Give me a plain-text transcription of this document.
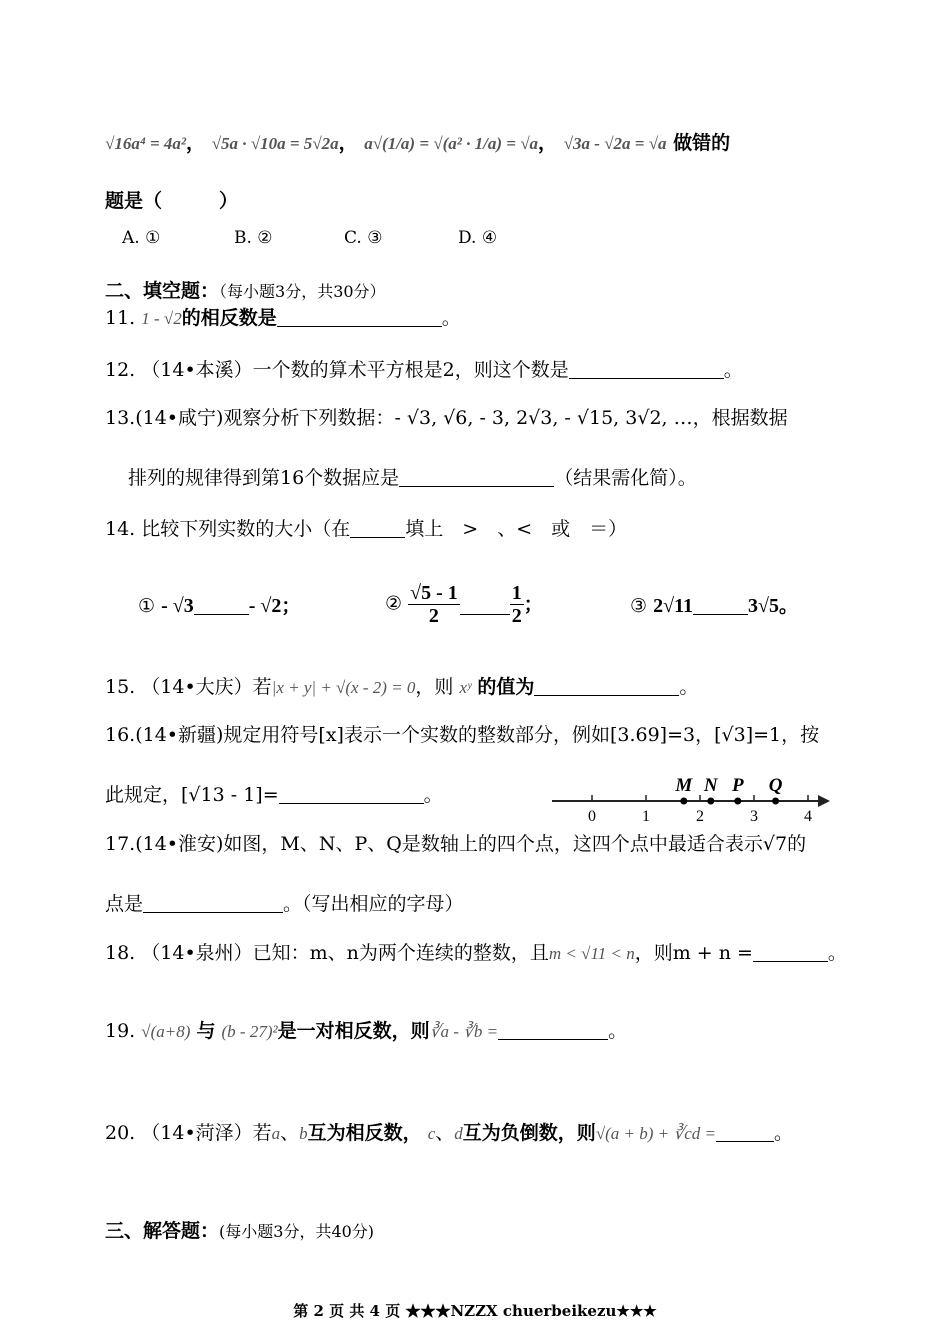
√16a⁴ = 4a²， √5a · √10a = 5√2a， a√(1/a) = √(a² · 1/a) = √a， √3a - √2a = √a 做错的
题是（　　　）
A. ①	B. ②	C. ③	D. ④
二、填空题：（每小题3分，共30分）
11. 1 - √2的相反数是	。
12. （14•本溪）一个数的算术平方根是2，则这个数是	。
13.(14•咸宁)观察分析下列数据：- √3, √6, - 3, 2√3, - √15, 3√2, …，根据数据
排列的规律得到第16个数据应是	（结果需化简）。
14. 比较下列实数的大小（在	填上　>　、<　或　＝）
① - √3	- √2；	② $\frac{√5 - 1}{2}$	$\frac{1}{2}$ ；	③ 2√11	3√5。
15. （14•大庆）若|x + y| + √(x - 2) = 0，则 xʸ 的值为	。
16.(14•新疆)规定用符号[x]表示一个实数的整数部分，例如[3.69]=3，[√3]=1，按
此规定，[√13 - 1]=	。
0	1	2	3	4
M N P Q
17.(14•淮安)如图，M、N、P、Q是数轴上的四个点，这四个点中最适合表示√7的
点是	。（写出相应的字母）
18. （14•泉州）已知：m、n为两个连续的整数，且m < √11 < n，则m + n =	。
19. √(a+8) 与 (b - 27)²是一对相反数，则∛a - ∛b =	。
20. （14•菏泽）若a、b互为相反数， c、d互为负倒数，则√(a + b) + ∛cd =	。
三、解答题：(每小题3分，共40分)
第 2 页 共 4 页 ★★★NZZX chuerbeikezu★★★
